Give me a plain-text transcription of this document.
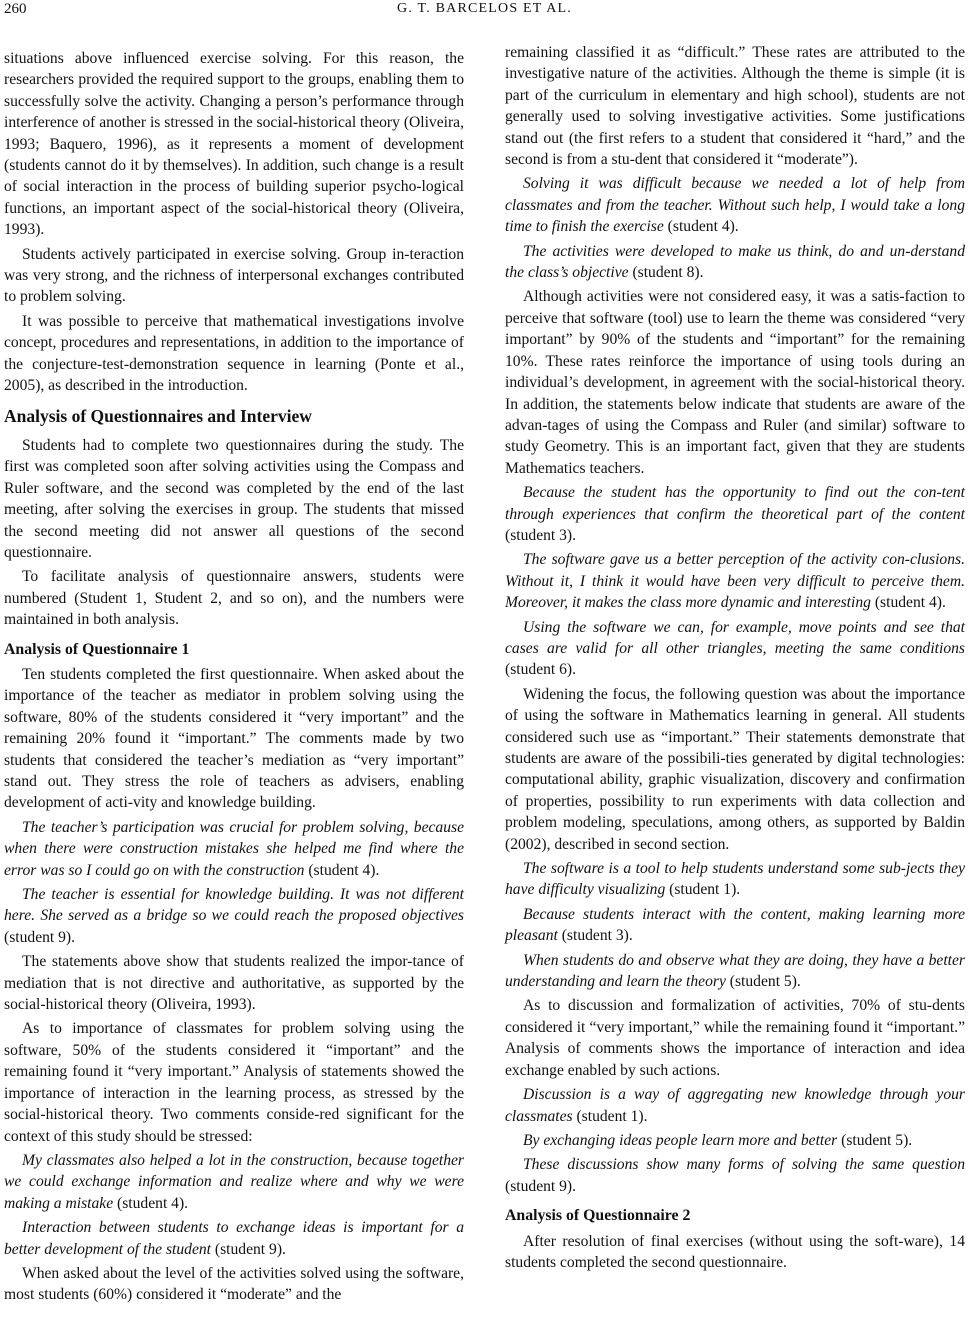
260	G. T. BARCELOS ET AL.

situations above influenced exercise solving. For this reason, the researchers provided the required support to the groups, enabling them to successfully solve the activity. Changing a person’s performance through interference of another is stressed in the social-historical theory (Oliveira, 1993; Baquero, 1996), as it represents a moment of development (students cannot do it by themselves). In addition, such change is a result of social interaction in the process of building superior psycho-logical functions, an important aspect of the social-historical theory (Oliveira, 1993).

Students actively participated in exercise solving. Group in-teraction was very strong, and the richness of interpersonal exchanges contributed to problem solving.

It was possible to perceive that mathematical investigations involve concept, procedures and representations, in addition to the importance of the conjecture-test-demonstration sequence in learning (Ponte et al., 2005), as described in the introduction.

Analysis of Questionnaires and Interview

Students had to complete two questionnaires during the study. The first was completed soon after solving activities using the Compass and Ruler software, and the second was completed by the end of the last meeting, after solving the exercises in group. The students that missed the second meeting did not answer all questions of the second questionnaire.

To facilitate analysis of questionnaire answers, students were numbered (Student 1, Student 2, and so on), and the numbers were maintained in both analysis.

Analysis of Questionnaire 1

Ten students completed the first questionnaire. When asked about the importance of the teacher as mediator in problem solving using the software, 80% of the students considered it “very important” and the remaining 20% found it “important.” The comments made by two students that considered the teacher’s mediation as “very important” stand out. They stress the role of teachers as advisers, enabling development of acti-vity and knowledge building.

The teacher’s participation was crucial for problem solving, because when there were construction mistakes she helped me find where the error was so I could go on with the construction (student 4).

The teacher is essential for knowledge building. It was not different here. She served as a bridge so we could reach the proposed objectives (student 9).

The statements above show that students realized the impor-tance of mediation that is not directive and authoritative, as supported by the social-historical theory (Oliveira, 1993).

As to importance of classmates for problem solving using the software, 50% of the students considered it “important” and the remaining found it “very important.” Analysis of statements showed the importance of interaction in the learning process, as stressed by the social-historical theory. Two comments conside-red significant for the context of this study should be stressed:

My classmates also helped a lot in the construction, because together we could exchange information and realize where and why we were making a mistake (student 4).

Interaction between students to exchange ideas is important for a better development of the student (student 9).

When asked about the level of the activities solved using the software, most students (60%) considered it “moderate” and the

remaining classified it as “difficult.” These rates are attributed to the investigative nature of the activities. Although the theme is simple (it is part of the curriculum in elementary and high school), students are not generally used to solving investigative activities. Some justifications stand out (the first refers to a student that considered it “hard,” and the second is from a stu-dent that considered it “moderate”).

Solving it was difficult because we needed a lot of help from classmates and from the teacher. Without such help, I would take a long time to finish the exercise (student 4).

The activities were developed to make us think, do and un-derstand the class’s objective (student 8).

Although activities were not considered easy, it was a satis-faction to perceive that software (tool) use to learn the theme was considered “very important” by 90% of the students and “important” for the remaining 10%. These rates reinforce the importance of using tools during an individual’s development, in agreement with the social-historical theory. In addition, the statements below indicate that students are aware of the advan-tages of using the Compass and Ruler (and similar) software to study Geometry. This is an important fact, given that they are students Mathematics teachers.

Because the student has the opportunity to find out the con-tent through experiences that confirm the theoretical part of the content (student 3).

The software gave us a better perception of the activity con-clusions. Without it, I think it would have been very difficult to perceive them. Moreover, it makes the class more dynamic and interesting (student 4).

Using the software we can, for example, move points and see that cases are valid for all other triangles, meeting the same conditions (student 6).

Widening the focus, the following question was about the importance of using the software in Mathematics learning in general. All students considered such use as “important.” Their statements demonstrate that students are aware of the possibili-ties generated by digital technologies: computational ability, graphic visualization, discovery and confirmation of properties, possibility to run experiments with data collection and problem modeling, speculations, among others, as supported by Baldin (2002), described in second section.

The software is a tool to help students understand some sub-jects they have difficulty visualizing (student 1).

Because students interact with the content, making learning more pleasant (student 3).

When students do and observe what they are doing, they have a better understanding and learn the theory (student 5).

As to discussion and formalization of activities, 70% of stu-dents considered it “very important,” while the remaining found it “important.” Analysis of comments shows the importance of interaction and idea exchange enabled by such actions.

Discussion is a way of aggregating new knowledge through your classmates (student 1).

By exchanging ideas people learn more and better (student 5).

These discussions show many forms of solving the same question (student 9).

Analysis of Questionnaire 2

After resolution of final exercises (without using the soft-ware), 14 students completed the second questionnaire.
